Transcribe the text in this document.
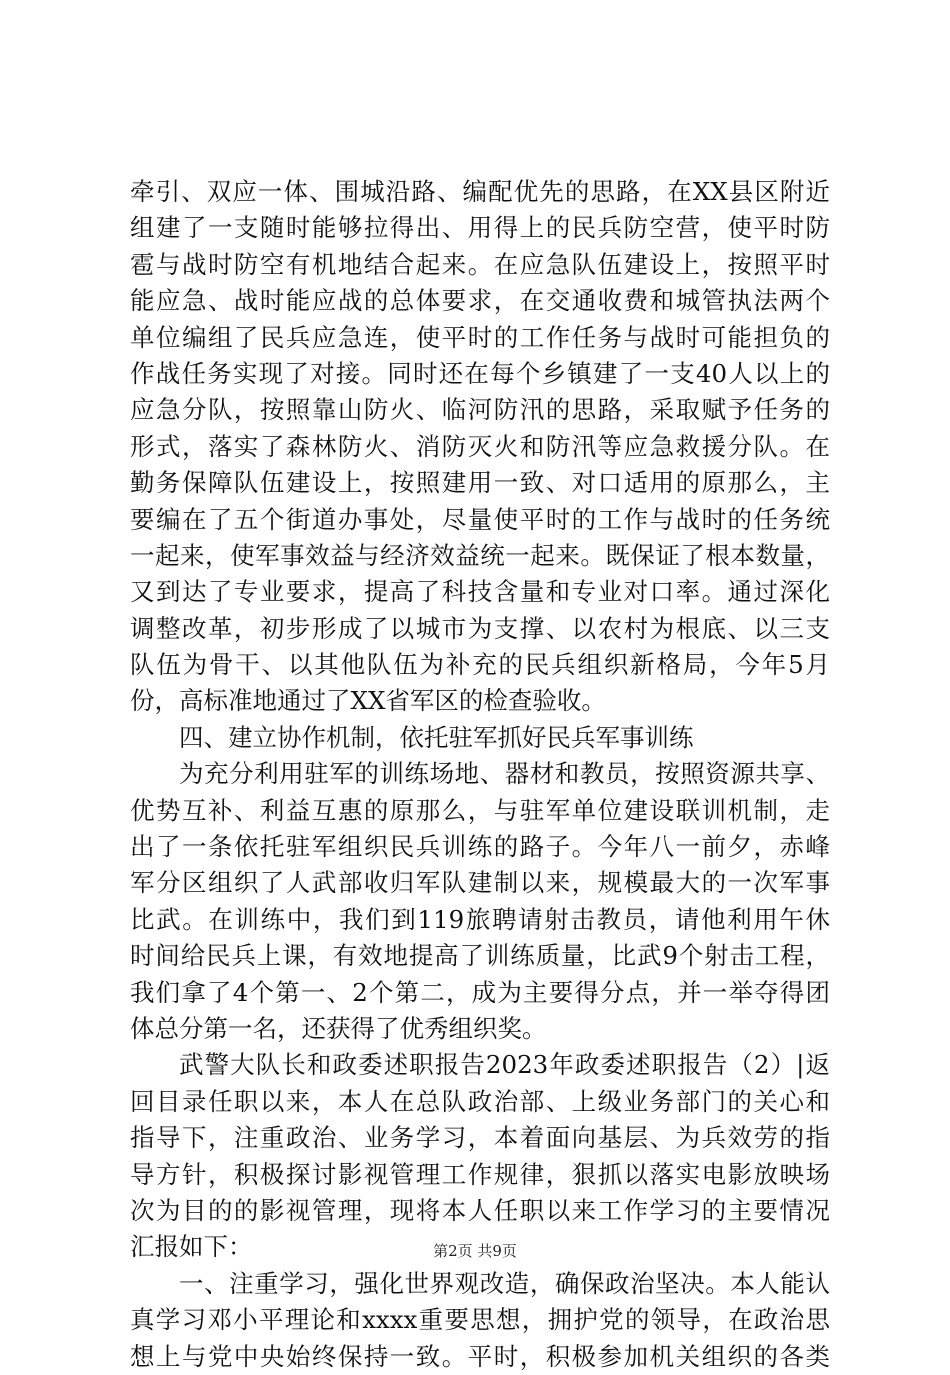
牵引、双应一体、围城沿路、编配优先的思路，在XX县区附近
组建了一支随时能够拉得出、用得上的民兵防空营，使平时防
雹与战时防空有机地结合起来。在应急队伍建设上，按照平时
能应急、战时能应战的总体要求，在交通收费和城管执法两个
单位编组了民兵应急连，使平时的工作任务与战时可能担负的
作战任务实现了对接。同时还在每个乡镇建了一支40人以上的
应急分队，按照靠山防火、临河防汛的思路，采取赋予任务的
形式，落实了森林防火、消防灭火和防汛等应急救援分队。在
勤务保障队伍建设上，按照建用一致、对口适用的原那么，主
要编在了五个街道办事处，尽量使平时的工作与战时的任务统
一起来，使军事效益与经济效益统一起来。既保证了根本数量，
又到达了专业要求，提高了科技含量和专业对口率。通过深化
调整改革，初步形成了以城市为支撑、以农村为根底、以三支
队伍为骨干、以其他队伍为补充的民兵组织新格局，今年5月
份，高标准地通过了XX省军区的检查验收。
四、建立协作机制，依托驻军抓好民兵军事训练
为充分利用驻军的训练场地、器材和教员，按照资源共享、
优势互补、利益互惠的原那么，与驻军单位建设联训机制，走
出了一条依托驻军组织民兵训练的路子。今年八一前夕，赤峰
军分区组织了人武部收归军队建制以来，规模最大的一次军事
比武。在训练中，我们到119旅聘请射击教员，请他利用午休
时间给民兵上课，有效地提高了训练质量，比武9个射击工程，
我们拿了4个第一、2个第二，成为主要得分点，并一举夺得团
体总分第一名，还获得了优秀组织奖。
武警大队长和政委述职报告2023年政委述职报告（2）|返
回目录任职以来，本人在总队政治部、上级业务部门的关心和
指导下，注重政治、业务学习，本着面向基层、为兵效劳的指
导方针，积极探讨影视管理工作规律，狠抓以落实电影放映场
次为目的的影视管理，现将本人任职以来工作学习的主要情况
汇报如下：
一、注重学习，强化世界观改造，确保政治坚决。本人能认
真学习邓小平理论和xxxx重要思想，拥护党的领导，在政治思
想上与党中央始终保持一致。平时，积极参加机关组织的各类
第2页 共9页
